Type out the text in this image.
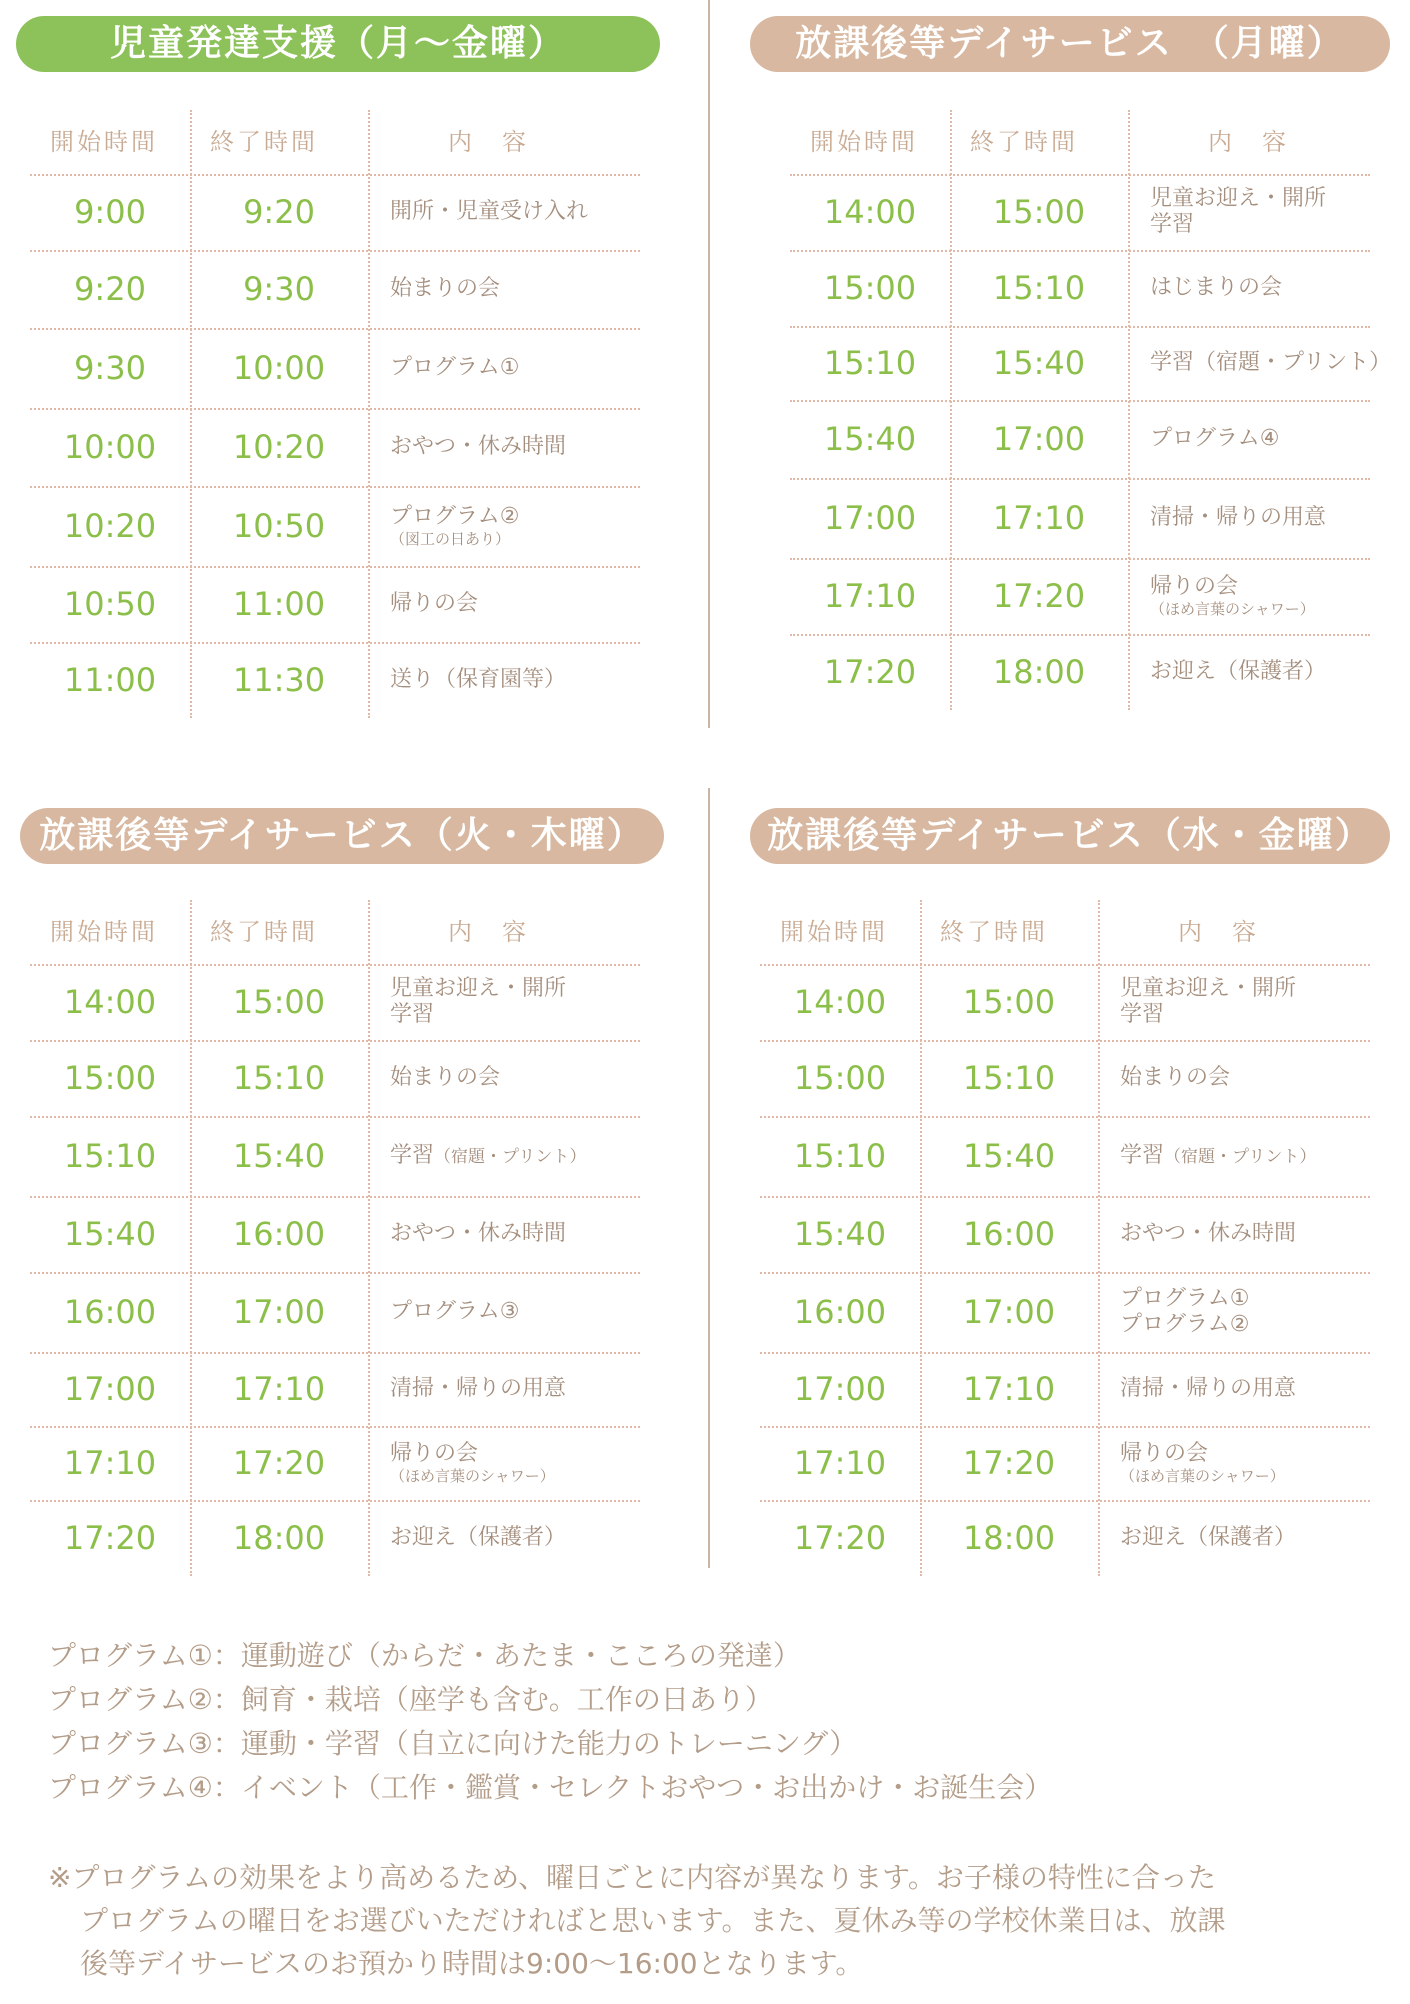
児童発達支援（月〜金曜）
開始時間 終了時間	内　容
9:00	9:20	開所・児童受け入れ
9:20	9:30	始まりの会
9:30	10:00	プログラム①
10:00	10:20	おやつ・休み時間
10:20	10:50	プログラム②
（図工の日あり）
10:50	11:00	帰りの会
11:00	11:30	送り（保育園等）
放課後等デイサービス　（月曜）
開始時間 終了時間	内　容
14:00	15:00	児童お迎え・開所
学習
15:00	15:10	はじまりの会
15:10	15:40	学習（宿題・プリント）
15:40	17:00	プログラム④
17:00	17:10	清掃・帰りの用意
17:10	17:20	帰りの会
（ほめ言葉のシャワー）
17:20	18:00	お迎え（保護者）
放課後等デイサービス（火・木曜）
開始時間 終了時間	内　容
14:00	15:00	児童お迎え・開所
学習
15:00	15:10	始まりの会
15:10	15:40	学習（宿題・プリント）
15:40	16:00	おやつ・休み時間
16:00	17:00	プログラム③
17:00	17:10	清掃・帰りの用意
17:10	17:20	帰りの会
（ほめ言葉のシャワー）
17:20	18:00	お迎え（保護者）
放課後等デイサービス（水・金曜）
開始時間 終了時間	内　容
14:00	15:00	児童お迎え・開所
学習
15:00	15:10	始まりの会
15:10	15:40	学習（宿題・プリント）
15:40	16:00	おやつ・休み時間
16:00	17:00	プログラム①
プログラム②
17:00	17:10	清掃・帰りの用意
17:10	17:20	帰りの会
（ほめ言葉のシャワー）
17:20	18:00	お迎え（保護者）
プログラム①：運動遊び（からだ・あたま・こころの発達）
プログラム②：飼育・栽培（座学も含む。工作の日あり）
プログラム③：運動・学習（自立に向けた能力のトレーニング）
プログラム④：イベント（工作・鑑賞・セレクトおやつ・お出かけ・お誕生会）
※プログラムの効果をより高めるため、曜日ごとに内容が異なります。お子様の特性に合った
プログラムの曜日をお選びいただければと思います。また、夏休み等の学校休業日は、放課
後等デイサービスのお預かり時間は9:00〜16:00となります。
